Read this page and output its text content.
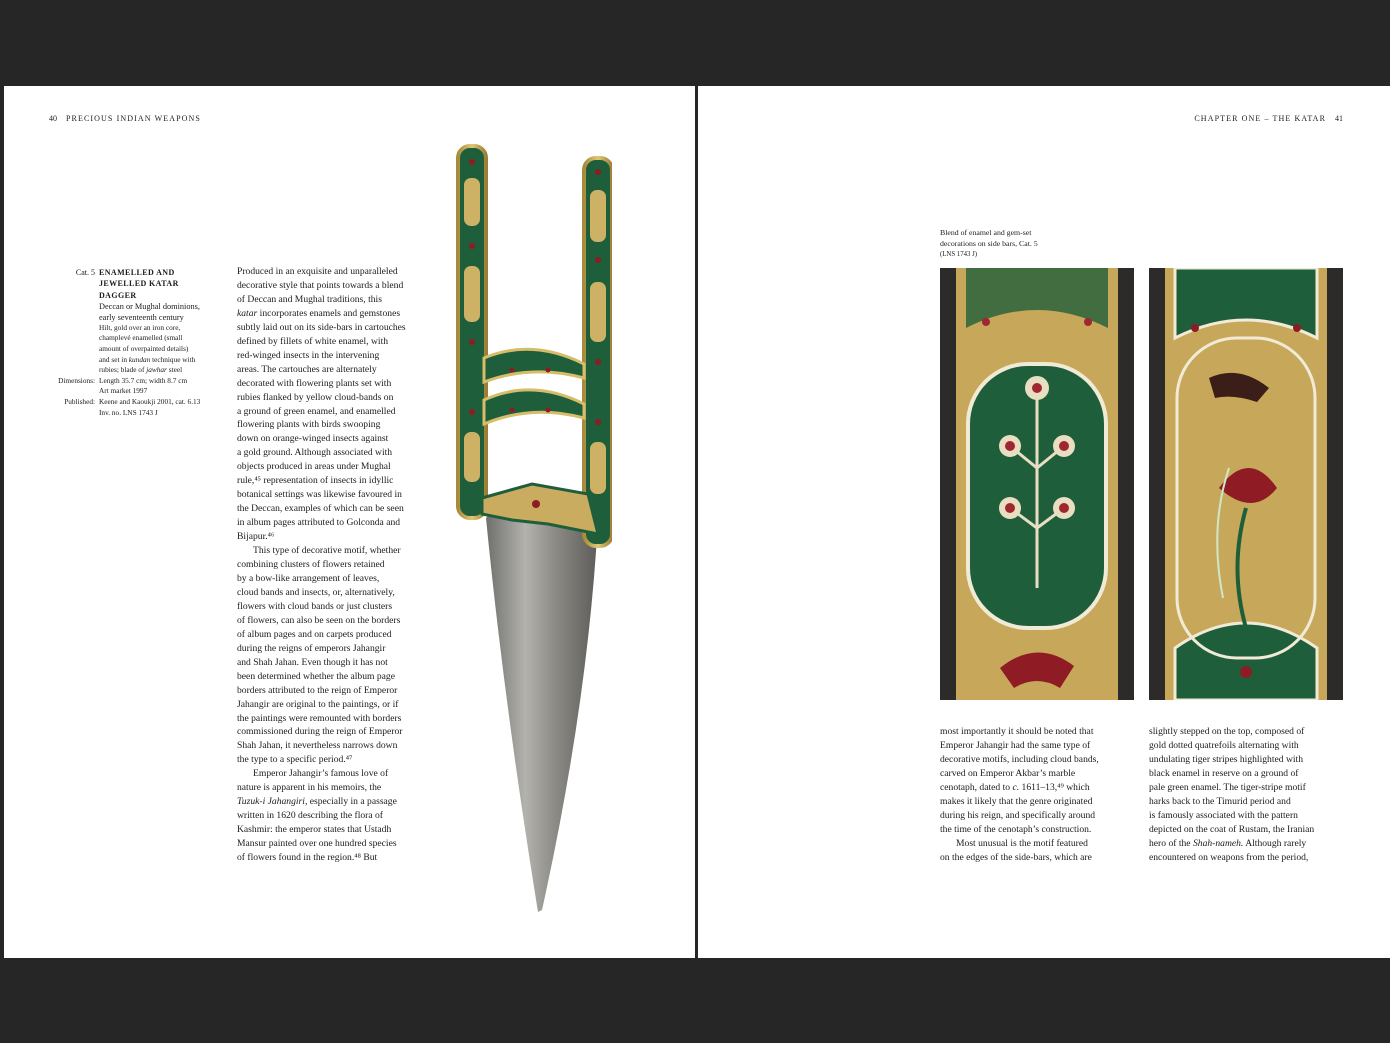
40 PRECIOUS INDIAN WEAPONS
Cat. 5 ENAMELLED AND
JEWELLED KATAR
DAGGER
Deccan or Mughal dominions,
early seventeenth century
Hilt, gold over an iron core,
champlevé enamelled (small
amount of overpainted details)
and set in kundan technique with
rubies; blade of jawhar steel
Dimensions: Length 35.7 cm; width 8.7 cm
Art market 1997
Published: Keene and Kaoukji 2001, cat. 6.13
Inv. no. LNS 1743 J
Produced in an exquisite and unparalleled
decorative style that points towards a blend
of Deccan and Mughal traditions, this
katar incorporates enamels and gemstones
subtly laid out on its side-bars in cartouches
defined by fillets of white enamel, with
red-winged insects in the intervening
areas. The cartouches are alternately
decorated with flowering plants set with
rubies flanked by yellow cloud-bands on
a ground of green enamel, and enamelled
flowering plants with birds swooping
down on orange-winged insects against
a gold ground. Although associated with
objects produced in areas under Mughal
rule,⁴⁵ representation of insects in idyllic
botanical settings was likewise favoured in
the Deccan, examples of which can be seen
in album pages attributed to Golconda and
Bijapur.⁴⁶
This type of decorative motif, whether
combining clusters of flowers retained
by a bow-like arrangement of leaves,
cloud bands and insects, or, alternatively,
flowers with cloud bands or just clusters
of flowers, can also be seen on the borders
of album pages and on carpets produced
during the reigns of emperors Jahangir
and Shah Jahan. Even though it has not
been determined whether the album page
borders attributed to the reign of Emperor
Jahangir are original to the paintings, or if
the paintings were remounted with borders
commissioned during the reign of Emperor
Shah Jahan, it nevertheless narrows down
the type to a specific period.⁴⁷
Emperor Jahangir’s famous love of
nature is apparent in his memoirs, the
Tuzuk-i Jahangiri, especially in a passage
written in 1620 describing the flora of
Kashmir: the emperor states that Ustadh
Mansur painted over one hundred species
of flowers found in the region.⁴⁸ But
CHAPTER ONE – THE KATAR 41
Blend of enamel and gem-set
decorations on side bars, Cat. 5
(LNS 1743 J)
most importantly it should be noted that
Emperor Jahangir had the same type of
decorative motifs, including cloud bands,
carved on Emperor Akbar’s marble
cenotaph, dated to c. 1611–13,⁴⁹ which
makes it likely that the genre originated
during his reign, and specifically around
the time of the cenotaph’s construction.
Most unusual is the motif featured
on the edges of the side-bars, which are
slightly stepped on the top, composed of
gold dotted quatrefoils alternating with
undulating tiger stripes highlighted with
black enamel in reserve on a ground of
pale green enamel. The tiger-stripe motif
harks back to the Timurid period and
is famously associated with the pattern
depicted on the coat of Rustam, the Iranian
hero of the Shah-nameh. Although rarely
encountered on weapons from the period,
